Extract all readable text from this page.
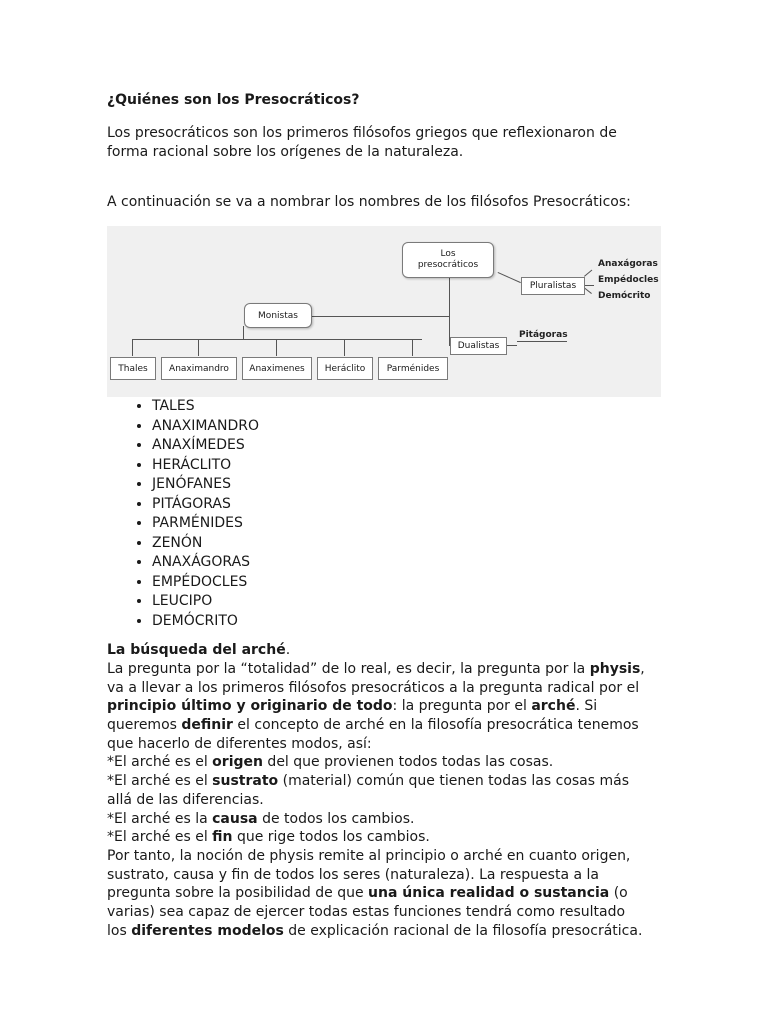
¿Quiénes son los Presocráticos?
Los presocráticos son los primeros filósofos griegos que reflexionaron de
forma racional sobre los orígenes de la naturaleza.
A continuación se va a nombrar los nombres de los filósofos Presocráticos:
Los
presocráticos
Monistas
Pluralistas
Dualistas
Thales	Anaximandro	Anaximenes	Heráclito	Parménides
Anaxágoras
Empédocles
Demócrito
Pitágoras
• TALES
• ANAXIMANDRO
• ANAXÍMEDES
• HERÁCLITO
• JENÓFANES
• PITÁGORAS
• PARMÉNIDES
• ZENÓN
• ANAXÁGORAS
• EMPÉDOCLES
• LEUCIPO
• DEMÓCRITO
La búsqueda del arché.
La pregunta por la “totalidad” de lo real, es decir, la pregunta por la physis,
va a llevar a los primeros filósofos presocráticos a la pregunta radical por el
principio último y originario de todo: la pregunta por el arché. Si
queremos definir el concepto de arché en la filosofía presocrática tenemos
que hacerlo de diferentes modos, así:
*El arché es el origen del que provienen todos todas las cosas.
*El arché es el sustrato (material) común que tienen todas las cosas más
allá de las diferencias.
*El arché es la causa de todos los cambios.
*El arché es el fin que rige todos los cambios.
Por tanto, la noción de physis remite al principio o arché en cuanto origen,
sustrato, causa y fin de todos los seres (naturaleza). La respuesta a la
pregunta sobre la posibilidad de que una única realidad o sustancia (o
varias) sea capaz de ejercer todas estas funciones tendrá como resultado
los diferentes modelos de explicación racional de la filosofía presocrática.
